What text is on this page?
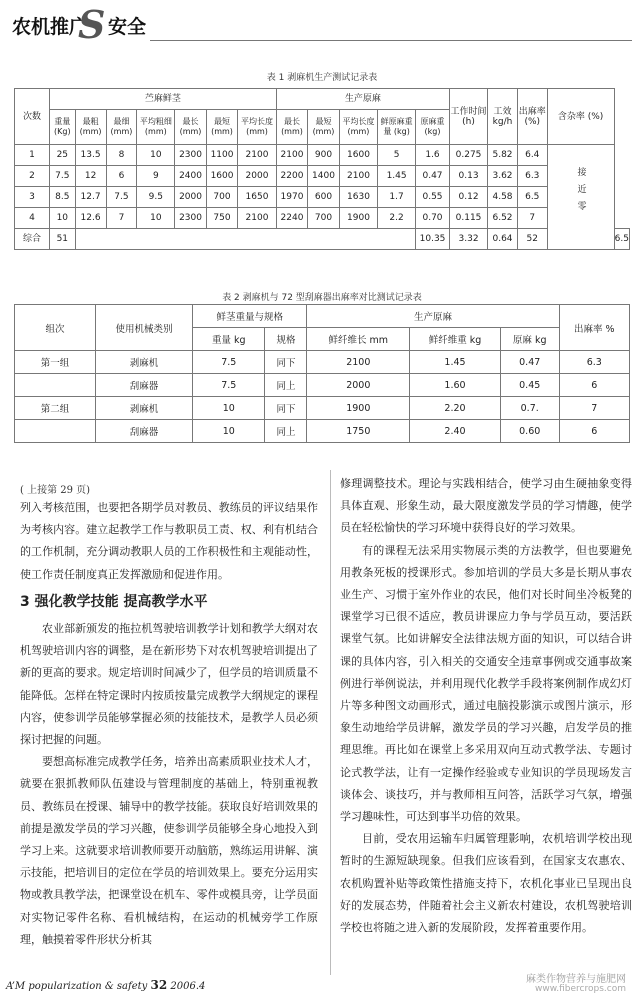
农机推广
S 安全
表 1 剥麻机生产测试记录表
次数	苎麻鲜茎							生产原麻					工作时间 (h)	工效 kg/h	出麻率 (%)	含杂率 (%)	
	重量 (Kg)	最粗 (mm)	最细 (mm)	平均粗细 (mm)	最长 (mm)	最短 (mm)	平均长度 (mm)	最长 (mm)	最短 (mm)	平均长度 (mm)	鲜原麻重量 (kg)	原麻重 (kg)					
1	25	13.5	8	10	2300	1100	2100	2100	900	1600	5	1.6	0.275	5.82	6.4	接近零	
2	7.5	12	6	9	2400	1600	2000	2200	1400	2100	1.45	0.47	0.13	3.62	6.3		
3	8.5	12.7	7.5	9.5	2000	700	1650	1970	600	1630	1.7	0.55	0.12	4.58	6.5		
4	10	12.6	7	10	2300	750	2100	2240	700	1900	2.2	0.70	0.115	6.52	7		
综合	51											10.35	3.32	0.64	52		6.5
表 2 剥麻机与 72 型刮麻器出麻率对比测试记录表
组次	使用机械类别	鲜茎重量与规格		生产原麻			出麻率 %
		重量 kg	规格	鲜纤维长 mm	鲜纤维重 kg	原麻 kg	
第一组	剥麻机	7.5	同下	2100	1.45	0.47	6.3
	刮麻器	7.5	同上	2000	1.60	0.45	6
第二组	剥麻机	10	同下	1900	2.20	0.7.	7
	刮麻器	10	同上	1750	2.40	0.60	6
( 上接第 29 页)

列入考核范围，也要把各期学员对教员、教练员的评议结果作为考核内容。建立起教学工作与教职员工责、权、利有机结合的工作机制，充分调动教职人员的工作积极性和主观能动性，使工作责任制度真正发挥激励和促进作用。

3 强化教学技能 提高教学水平

农业部新颁发的拖拉机驾驶培训教学计划和教学大纲对农机驾驶培训内容的调整，是在新形势下对农机驾驶培训提出了新的更高的要求。规定培训时间减少了，但学员的培训质量不能降低。怎样在特定课时内按质按量完成教学大纲规定的课程内容，使参训学员能够掌握必须的技能技术，是教学人员必须探讨把握的问题。

要想高标准完成教学任务，培养出高素质职业技术人才，就要在狠抓教师队伍建设与管理制度的基础上，特别重视教员、教练员在授课、辅导中的教学技能。获取良好培训效果的前提是激发学员的学习兴趣，使参训学员能够全身心地投入到学习上来。这就要求培训教师要开动脑筋，熟练运用讲解、演示技能，把培训目的定位在学员的培训效果上。要充分运用实物或教具教学法，把课堂设在机车、零件或模具旁，让学员面对实物记零件名称、看机械结构，在运动的机械旁学工作原理，触摸着零件形状分析其

修理调整技术。理论与实践相结合，使学习由生硬抽象变得具体直观、形象生动，最大限度激发学员的学习情趣，使学员在轻松愉快的学习环境中获得良好的学习效果。

有的课程无法采用实物展示类的方法教学，但也要避免用教条死板的授课形式。参加培训的学员大多是长期从事农业生产、习惯于室外作业的农民，他们对长时间坐冷板凳的课堂学习已很不适应，教员讲课应力争与学员互动，要活跃课堂气氛。比如讲解安全法律法规方面的知识，可以结合讲课的具体内容，引入相关的交通安全违章事例或交通事故案例进行举例说法，并利用现代化教学手段将案例制作成幻灯片等多种图文动画形式，通过电脑投影演示或图片演示，形象生动地给学员讲解，激发学员的学习兴趣，启发学员的推理思维。再比如在课堂上多采用双向互动式教学法、专题讨论式教学法，让有一定操作经验或专业知识的学员现场发言谈体会、谈技巧，并与教师相互问答，活跃学习气氛，增强学习趣味性，可达到事半功倍的效果。

目前，受农用运输车归属管理影响，农机培训学校出现暂时的生源短缺现象。但我们应该看到，在国家支农惠农、农机购置补贴等政策性措施支持下，农机化事业已呈现出良好的发展态势，伴随着社会主义新农村建设，农机驾驶培训学校也将随之进入新的发展阶段，发挥着重要作用。

A’M popularization & safety 32 2006.4
麻类作物营养与施肥网
www.fibercrops.com
